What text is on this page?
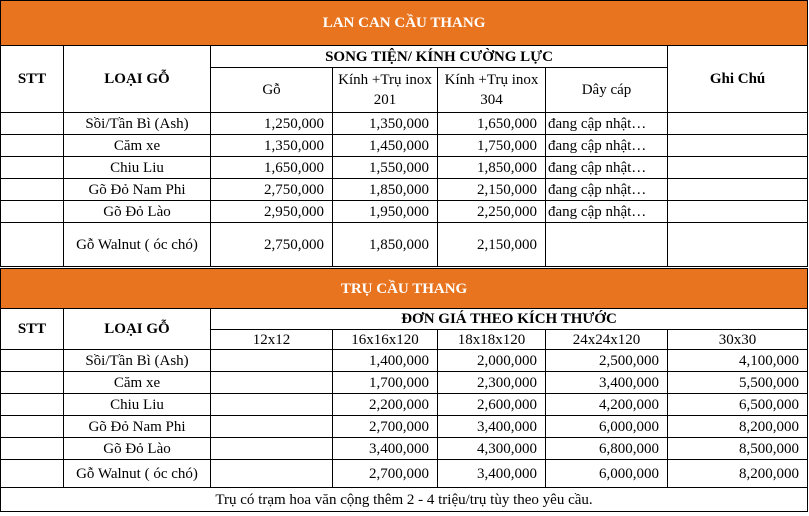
LAN CAN CẦU THANG						
STT	LOẠI GỖ	SONG TIỆN/ KÍNH CƯỜNG LỰC				Ghi Chú
		Gỗ	Kính +Trụ inox 201	Kính +Trụ inox 304	Dây cáp	
	Sồi/Tần Bì (Ash)	1,250,000	1,350,000	1,650,000	đang cập nhật…	
	Căm xe	1,350,000	1,450,000	1,750,000	đang cập nhật…	
	Chiu Liu	1,650,000	1,550,000	1,850,000	đang cập nhật…	
	Gõ Đỏ Nam Phi	2,750,000	1,850,000	2,150,000	đang cập nhật…	
	Gõ Đỏ Lào	2,950,000	1,950,000	2,250,000	đang cập nhật…	
	Gỗ Walnut ( óc chó)	2,750,000	1,850,000	2,150,000		
TRỤ CẦU THANG						
STT	LOẠI GỖ	ĐƠN GIÁ THEO KÍCH THƯỚC				
		12x12	16x16x120	18x18x120	24x24x120	30x30
	Sồi/Tần Bì (Ash)		1,400,000	2,000,000	2,500,000	4,100,000
	Căm xe		1,700,000	2,300,000	3,400,000	5,500,000
	Chiu Liu		2,200,000	2,600,000	4,200,000	6,500,000
	Gõ Đỏ Nam Phi		2,700,000	3,400,000	6,000,000	8,200,000
	Gõ Đỏ Lào		3,400,000	4,300,000	6,800,000	8,500,000
	Gỗ Walnut ( óc chó)		2,700,000	3,400,000	6,000,000	8,200,000
Trụ có trạm hoa văn cộng thêm 2 - 4 triệu/trụ tùy theo yêu cầu.						
